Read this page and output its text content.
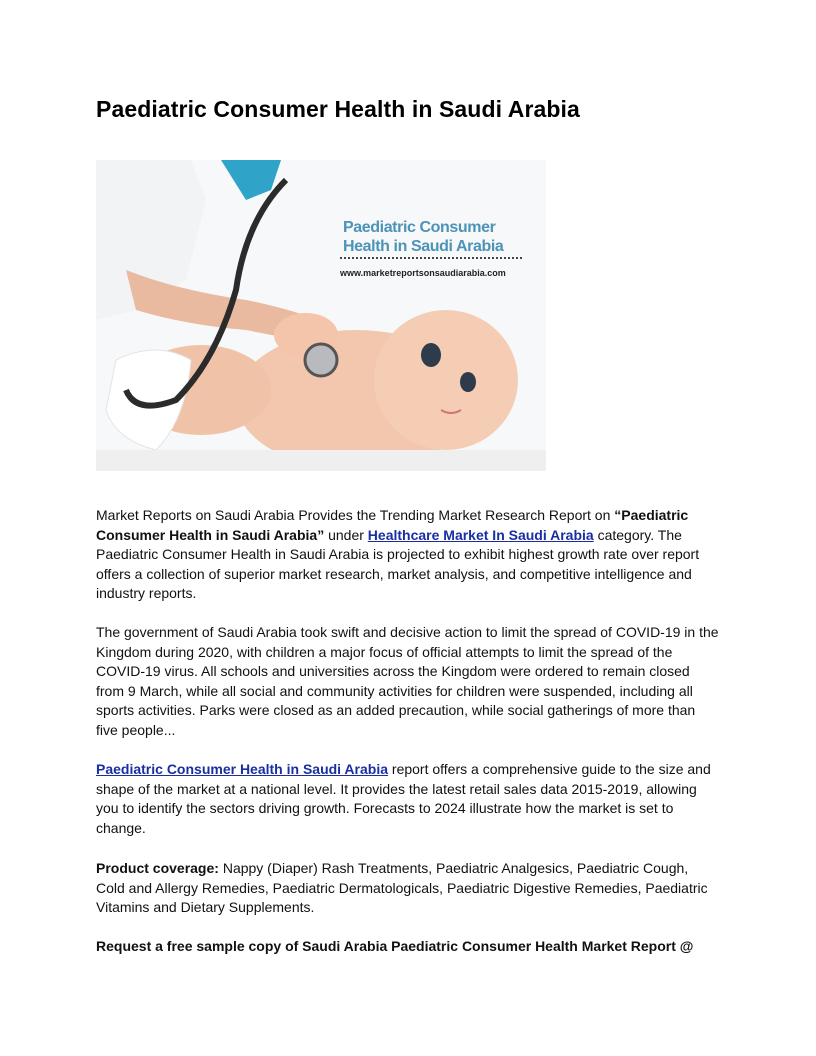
Paediatric Consumer Health in Saudi Arabia
Paediatric Consumer Health in Saudi Arabia
www.marketreportsonsaudiarabia.com

Market Reports on Saudi Arabia Provides the Trending Market Research Report on “Paediatric Consumer Health in Saudi Arabia” under Healthcare Market In Saudi Arabia category. The Paediatric Consumer Health in Saudi Arabia is projected to exhibit highest growth rate over report offers a collection of superior market research, market analysis, and competitive intelligence and industry reports.

The government of Saudi Arabia took swift and decisive action to limit the spread of COVID-19 in the Kingdom during 2020, with children a major focus of official attempts to limit the spread of the COVID-19 virus. All schools and universities across the Kingdom were ordered to remain closed from 9 March, while all social and community activities for children were suspended, including all sports activities. Parks were closed as an added precaution, while social gatherings of more than five people...

Paediatric Consumer Health in Saudi Arabia report offers a comprehensive guide to the size and shape of the market at a national level. It provides the latest retail sales data 2015-2019, allowing you to identify the sectors driving growth. Forecasts to 2024 illustrate how the market is set to change.

Product coverage: Nappy (Diaper) Rash Treatments, Paediatric Analgesics, Paediatric Cough, Cold and Allergy Remedies, Paediatric Dermatologicals, Paediatric Digestive Remedies, Paediatric Vitamins and Dietary Supplements.

Request a free sample copy of Saudi Arabia Paediatric Consumer Health Market Report @
